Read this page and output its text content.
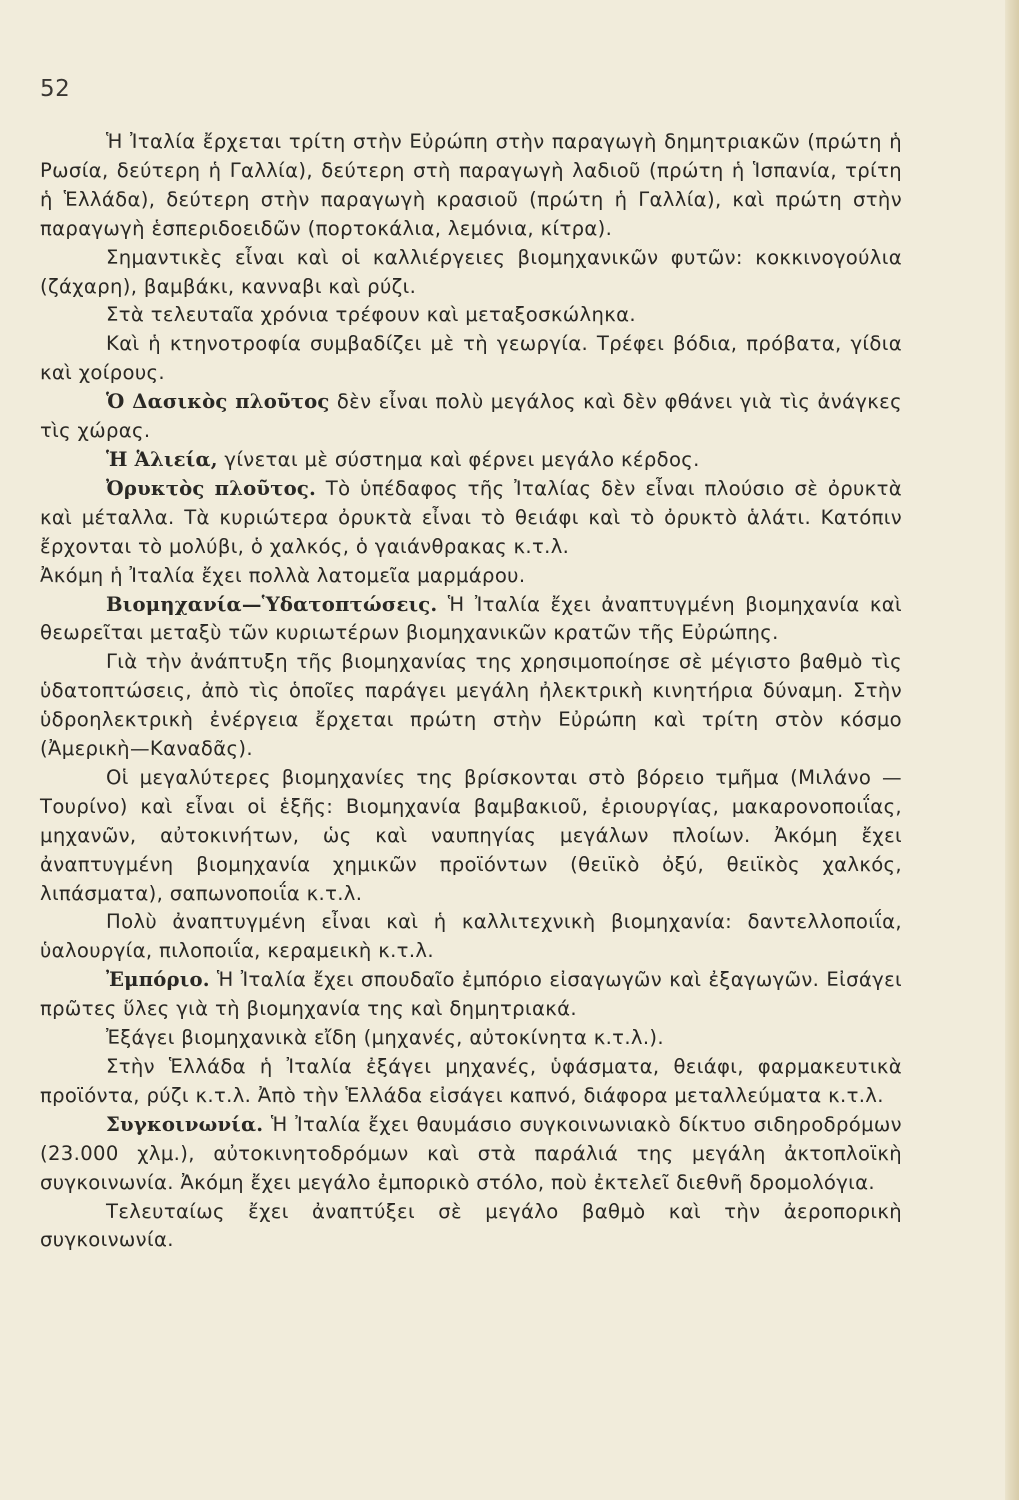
52

Ἡ Ἰταλία ἔρχεται τρίτη στὴν Εὐρώπη στὴν παραγωγὴ δημητριακῶν (πρώτη ἡ Ρωσία, δεύτερη ἡ Γαλλία), δεύτερη στὴ παραγωγὴ λαδιοῦ (πρώτη ἡ Ἱσπανία, τρίτη ἡ Ἑλλάδα), δεύτερη στὴν παραγωγὴ κρασιοῦ (πρώτη ἡ Γαλλία), καὶ πρώτη στὴν παραγωγὴ ἑσπεριδοειδῶν (πορτοκάλια, λεμόνια, κίτρα).

Σημαντικὲς εἶναι καὶ οἱ καλλιέργειες βιομηχανικῶν φυτῶν: κοκκινογούλια (ζάχαρη), βαμβάκι, κανναβι καὶ ρύζι.

Στὰ τελευταῖα χρόνια τρέφουν καὶ μεταξοσκώληκα.

Καὶ ἡ κτηνοτροφία συμβαδίζει μὲ τὴ γεωργία. Τρέφει βόδια, πρόβατα, γίδια καὶ χοίρους.

Ὁ Δασικὸς πλοῦτος δὲν εἶναι πολὺ μεγάλος καὶ δὲν φθάνει γιὰ τὶς ἀνάγκες τὶς χώρας.

Ἡ Ἁλιεία, γίνεται μὲ σύστημα καὶ φέρνει μεγάλο κέρδος.

Ὀρυκτὸς πλοῦτος. Τὸ ὑπέδαφος τῆς Ἰταλίας δὲν εἶναι πλούσιο σὲ ὀρυκτὰ καὶ μέταλλα. Τὰ κυριώτερα ὀρυκτὰ εἶναι τὸ θειάφι καὶ τὸ ὀρυκτὸ ἁλάτι. Κατόπιν ἔρχονται τὸ μολύβι, ὁ χαλκός, ὁ γαιάνθρακας κ.τ.λ.

Ἀκόμη ἡ Ἰταλία ἔχει πολλὰ λατομεῖα μαρμάρου.

Βιομηχανία—Ὑδατοπτώσεις. Ἡ Ἰταλία ἔχει ἀναπτυγμένη βιομηχανία καὶ θεωρεῖται μεταξὺ τῶν κυριωτέρων βιομηχανικῶν κρατῶν τῆς Εὐρώπης.

Γιὰ τὴν ἀνάπτυξη τῆς βιομηχανίας της χρησιμοποίησε σὲ μέγιστο βαθμὸ τὶς ὑδατοπτώσεις, ἀπὸ τὶς ὁποῖες παράγει μεγάλη ἠλεκτρικὴ κινητήρια δύναμη. Στὴν ὑδροηλεκτρικὴ ἐνέργεια ἔρχεται πρώτη στὴν Εὐρώπη καὶ τρίτη στὸν κόσμο (Ἀμερικὴ—Καναδᾶς).

Οἱ μεγαλύτερες βιομηχανίες της βρίσκονται στὸ βόρειο τμῆμα (Μιλάνο — Τουρίνο) καὶ εἶναι οἱ ἑξῆς: Βιομηχανία βαμβακιοῦ, ἐριουργίας, μακαρονοποιΐας, μηχανῶν, αὐτοκινήτων, ὡς καὶ ναυπηγίας μεγάλων πλοίων. Ἀκόμη ἔχει ἀναπτυγμένη βιομηχανία χημικῶν προϊόντων (θειϊκὸ ὀξύ, θειϊκὸς χαλκός, λιπάσματα), σαπωνοποιΐα κ.τ.λ.

Πολὺ ἀναπτυγμένη εἶναι καὶ ἡ καλλιτεχνικὴ βιομηχανία: δαντελλοποιΐα, ὑαλουργία, πιλοποιΐα, κεραμεικὴ κ.τ.λ.

Ἐμπόριο. Ἡ Ἰταλία ἔχει σπουδαῖο ἐμπόριο εἰσαγωγῶν καὶ ἐξαγωγῶν. Εἰσάγει πρῶτες ὕλες γιὰ τὴ βιομηχανία της καὶ δημητριακά.

Ἐξάγει βιομηχανικὰ εἴδη (μηχανές, αὐτοκίνητα κ.τ.λ.).

Στὴν Ἑλλάδα ἡ Ἰταλία ἐξάγει μηχανές, ὑφάσματα, θειάφι, φαρμακευτικὰ προϊόντα, ρύζι κ.τ.λ. Ἀπὸ τὴν Ἑλλάδα εἰσάγει καπνό, διάφορα μεταλλεύματα κ.τ.λ.

Συγκοινωνία. Ἡ Ἰταλία ἔχει θαυμάσιο συγκοινωνιακὸ δίκτυο σιδηροδρόμων (23.000 χλμ.), αὐτοκινητοδρόμων καὶ στὰ παράλιά της μεγάλη ἀκτοπλοϊκὴ συγκοινωνία. Ἀκόμη ἔχει μεγάλο ἐμπορικὸ στόλο, ποὺ ἐκτελεῖ διεθνῆ δρομολόγια.

Τελευταίως ἔχει ἀναπτύξει σὲ μεγάλο βαθμὸ καὶ τὴν ἀεροπορικὴ συγκοινωνία.
